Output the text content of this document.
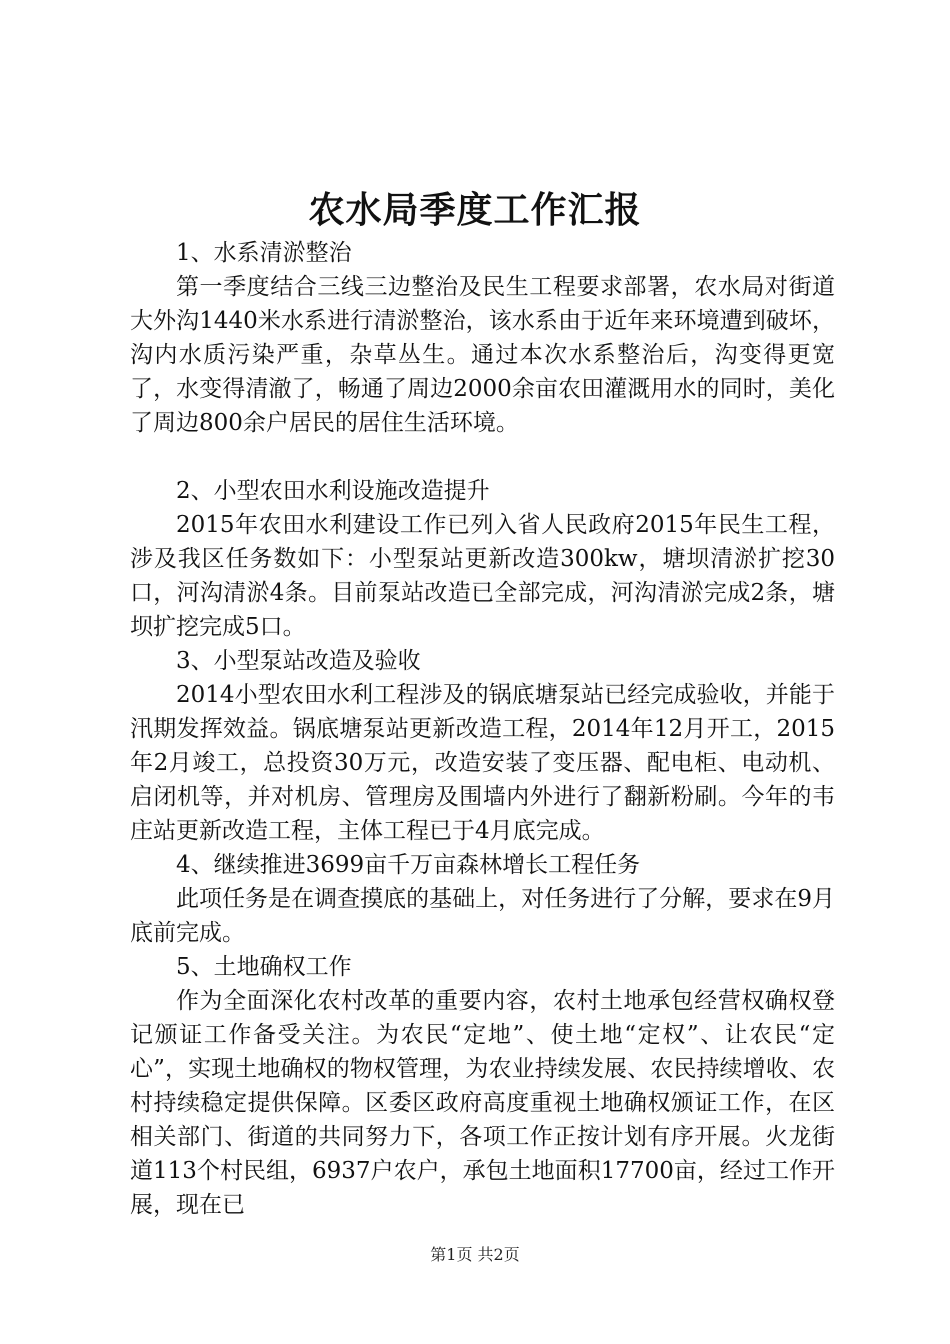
农水局季度工作汇报

1、水系清淤整治

第一季度结合三线三边整治及民生工程要求部署，农水局对街道大外沟1440米水系进行清淤整治，该水系由于近年来环境遭到破坏，沟内水质污染严重，杂草丛生。通过本次水系整治后，沟变得更宽了，水变得清澈了，畅通了周边2000余亩农田灌溉用水的同时，美化了周边800余户居民的居住生活环境。

2、小型农田水利设施改造提升

2015年农田水利建设工作已列入省人民政府2015年民生工程，涉及我区任务数如下：小型泵站更新改造300kw，塘坝清淤扩挖30口，河沟清淤4条。目前泵站改造已全部完成，河沟清淤完成2条，塘坝扩挖完成5口。

3、小型泵站改造及验收

2014小型农田水利工程涉及的锅底塘泵站已经完成验收，并能于汛期发挥效益。锅底塘泵站更新改造工程，2014年12月开工，2015年2月竣工，总投资30万元，改造安装了变压器、配电柜、电动机、启闭机等，并对机房、管理房及围墙内外进行了翻新粉刷。今年的韦庄站更新改造工程，主体工程已于4月底完成。

4、继续推进3699亩千万亩森林增长工程任务

此项任务是在调查摸底的基础上，对任务进行了分解，要求在9月底前完成。

5、土地确权工作

作为全面深化农村改革的重要内容，农村土地承包经营权确权登记颁证工作备受关注。为农民“定地”、使土地“定权”、让农民“定心”，实现土地确权的物权管理，为农业持续发展、农民持续增收、农村持续稳定提供保障。区委区政府高度重视土地确权颁证工作，在区相关部门、街道的共同努力下，各项工作正按计划有序开展。火龙街道113个村民组，6937户农户，承包土地面积17700亩，经过工作开展，现在已

第1页 共2页
